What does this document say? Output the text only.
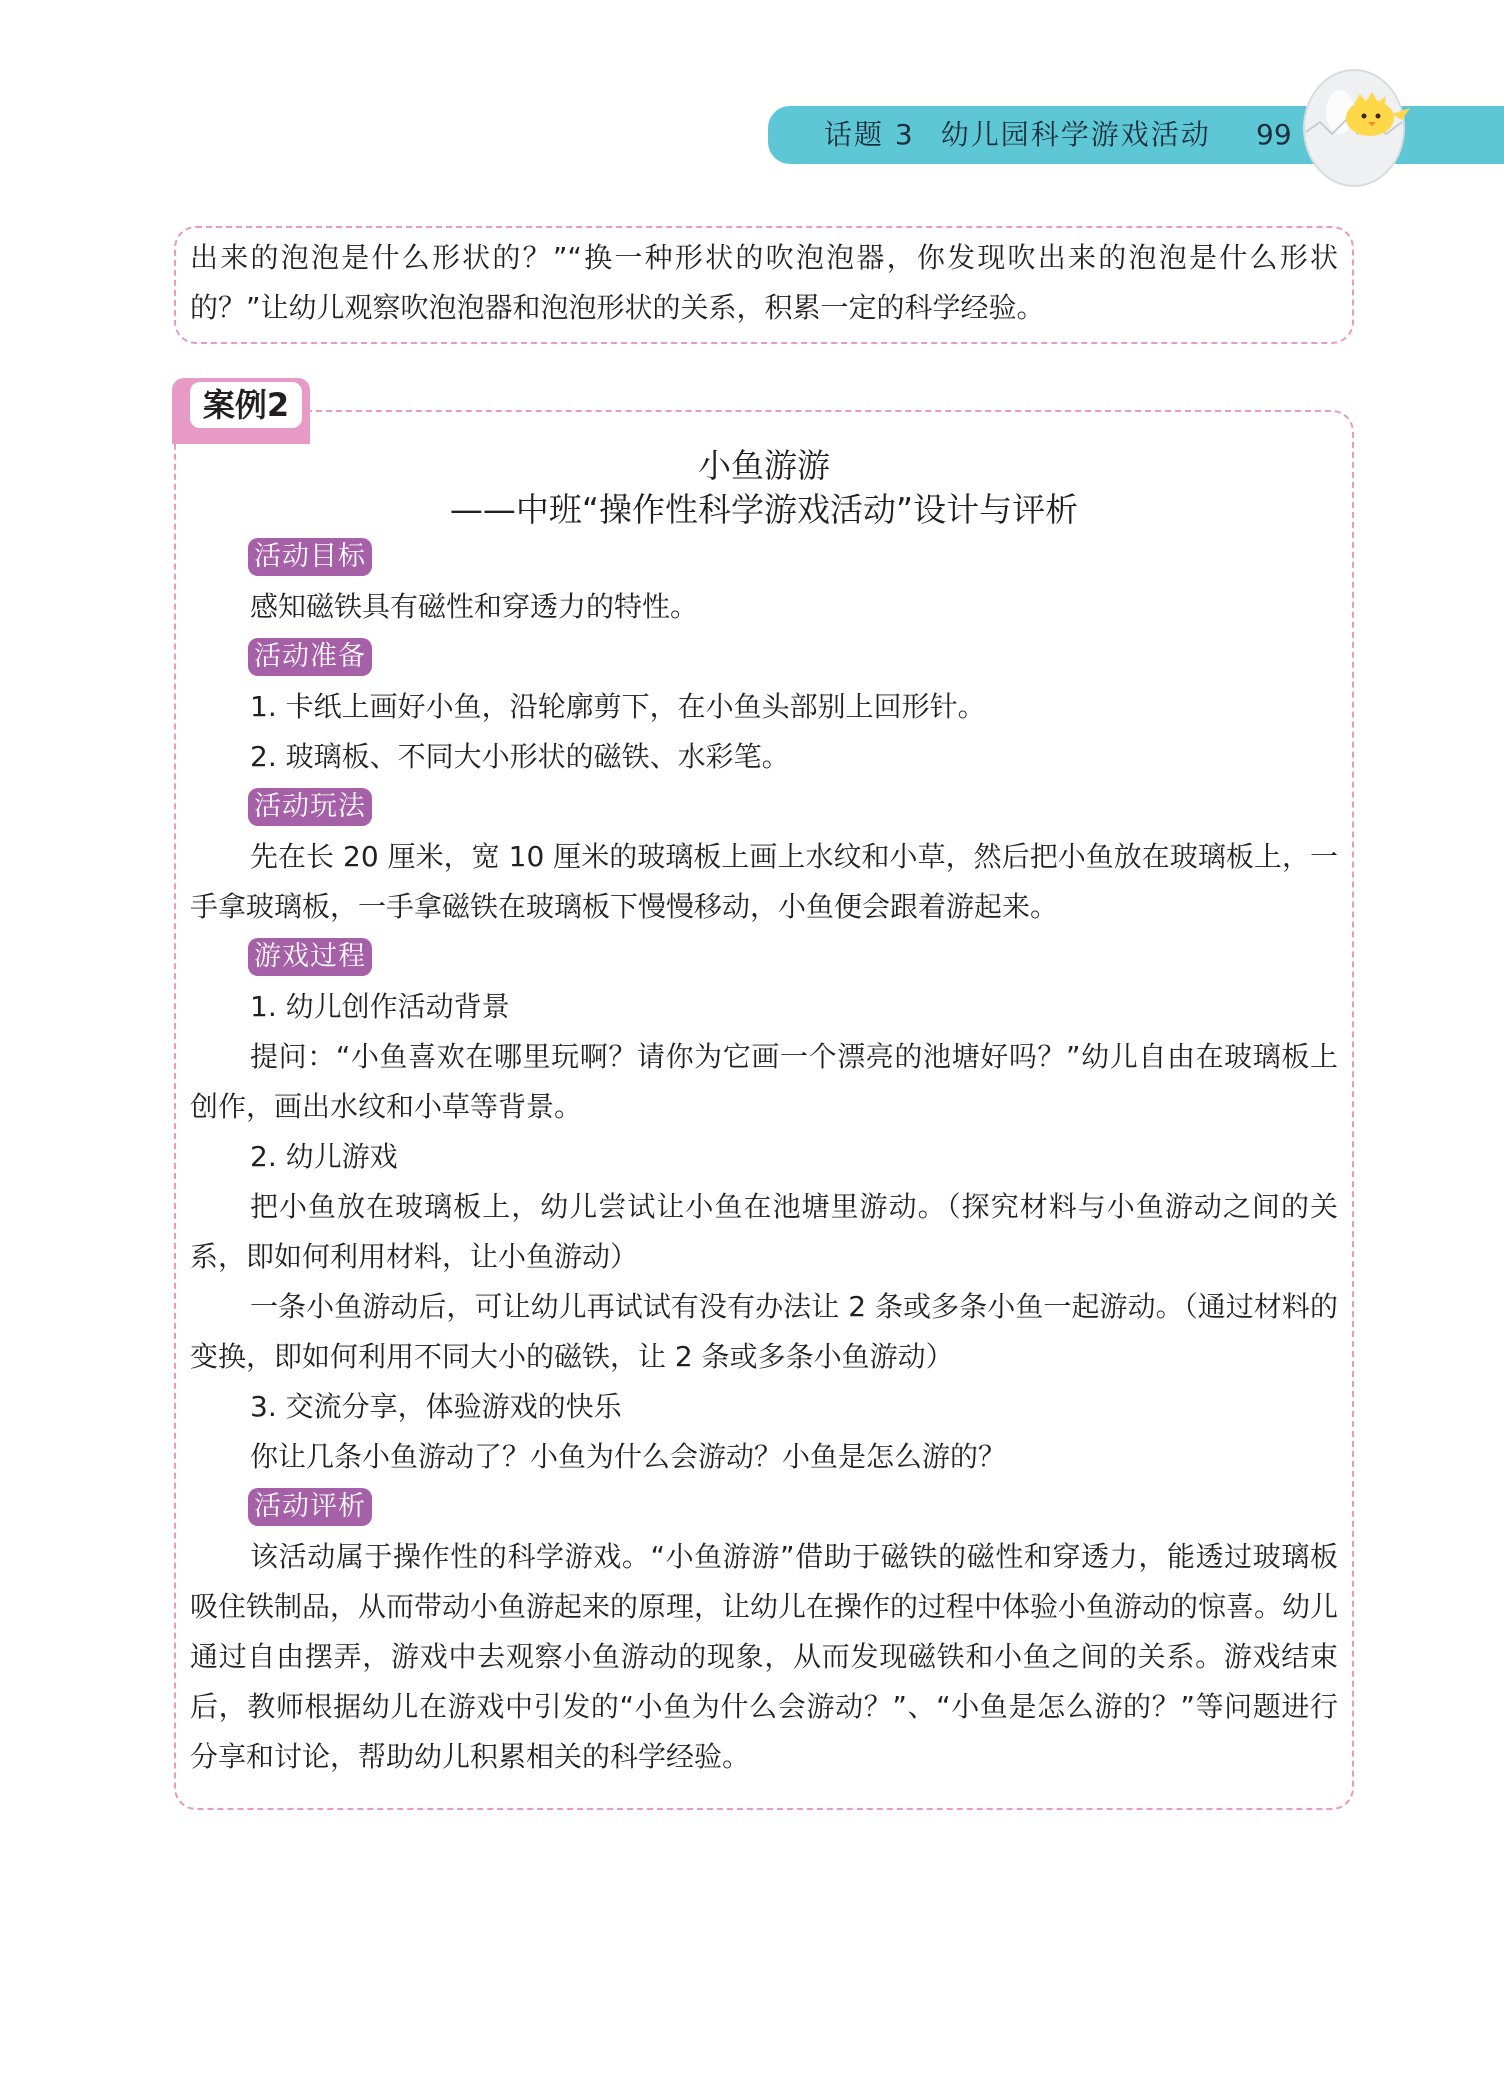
话题 3 幼儿园科学游戏活动 99

出来的泡泡是什么形状的？”“换一种形状的吹泡泡器，你发现吹出来的泡泡是什么形状的？”让幼儿观察吹泡泡器和泡泡形状的关系，积累一定的科学经验。

案例2

小鱼游游

——中班“操作性科学游戏活动”设计与评析

活动目标

感知磁铁具有磁性和穿透力的特性。

活动准备

1. 卡纸上画好小鱼，沿轮廓剪下，在小鱼头部别上回形针。

2. 玻璃板、不同大小形状的磁铁、水彩笔。

活动玩法

先在长 20 厘米，宽 10 厘米的玻璃板上画上水纹和小草，然后把小鱼放在玻璃板上，一手拿玻璃板，一手拿磁铁在玻璃板下慢慢移动，小鱼便会跟着游起来。

游戏过程

1. 幼儿创作活动背景

提问：“小鱼喜欢在哪里玩啊？请你为它画一个漂亮的池塘好吗？”幼儿自由在玻璃板上创作，画出水纹和小草等背景。

2. 幼儿游戏

把小鱼放在玻璃板上，幼儿尝试让小鱼在池塘里游动。（探究材料与小鱼游动之间的关系，即如何利用材料，让小鱼游动）

一条小鱼游动后，可让幼儿再试试有没有办法让 2 条或多条小鱼一起游动。（通过材料的变换，即如何利用不同大小的磁铁，让 2 条或多条小鱼游动）

3. 交流分享，体验游戏的快乐

你让几条小鱼游动了？小鱼为什么会游动？小鱼是怎么游的？

活动评析

该活动属于操作性的科学游戏。“小鱼游游”借助于磁铁的磁性和穿透力，能透过玻璃板吸住铁制品，从而带动小鱼游起来的原理，让幼儿在操作的过程中体验小鱼游动的惊喜。幼儿通过自由摆弄，游戏中去观察小鱼游动的现象，从而发现磁铁和小鱼之间的关系。游戏结束后，教师根据幼儿在游戏中引发的“小鱼为什么会游动？”、“小鱼是怎么游的？”等问题进行分享和讨论，帮助幼儿积累相关的科学经验。
